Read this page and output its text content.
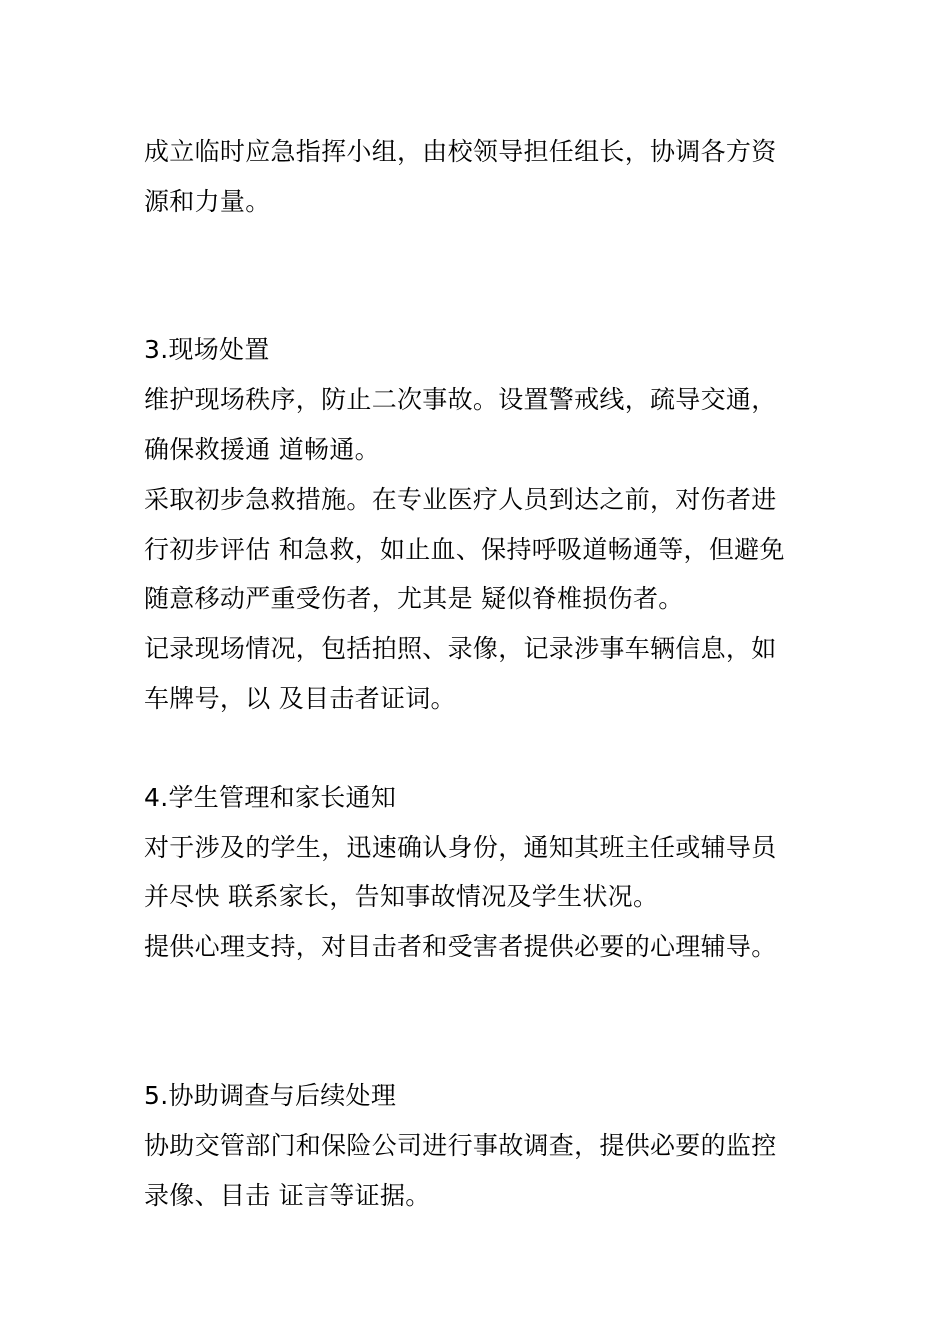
成立临时应急指挥小组，由校领导担任组长，协调各方资
源和力量。
3.现场处置
维护现场秩序，防止二次事故。设置警戒线，疏导交通，
确保救援通 道畅通。
采取初步急救措施。在专业医疗人员到达之前，对伤者进
行初步评估 和急救，如止血、保持呼吸道畅通等，但避免
随意移动严重受伤者，尤其是 疑似脊椎损伤者。
记录现场情况，包括拍照、录像，记录涉事车辆信息，如
车牌号，以 及目击者证词。
4.学生管理和家长通知
对于涉及的学生，迅速确认身份，通知其班主任或辅导员
并尽快 联系家长，告知事故情况及学生状况。
提供心理支持，对目击者和受害者提供必要的心理辅导。
5.协助调查与后续处理
协助交管部门和保险公司进行事故调查，提供必要的监控
录像、目击 证言等证据。
